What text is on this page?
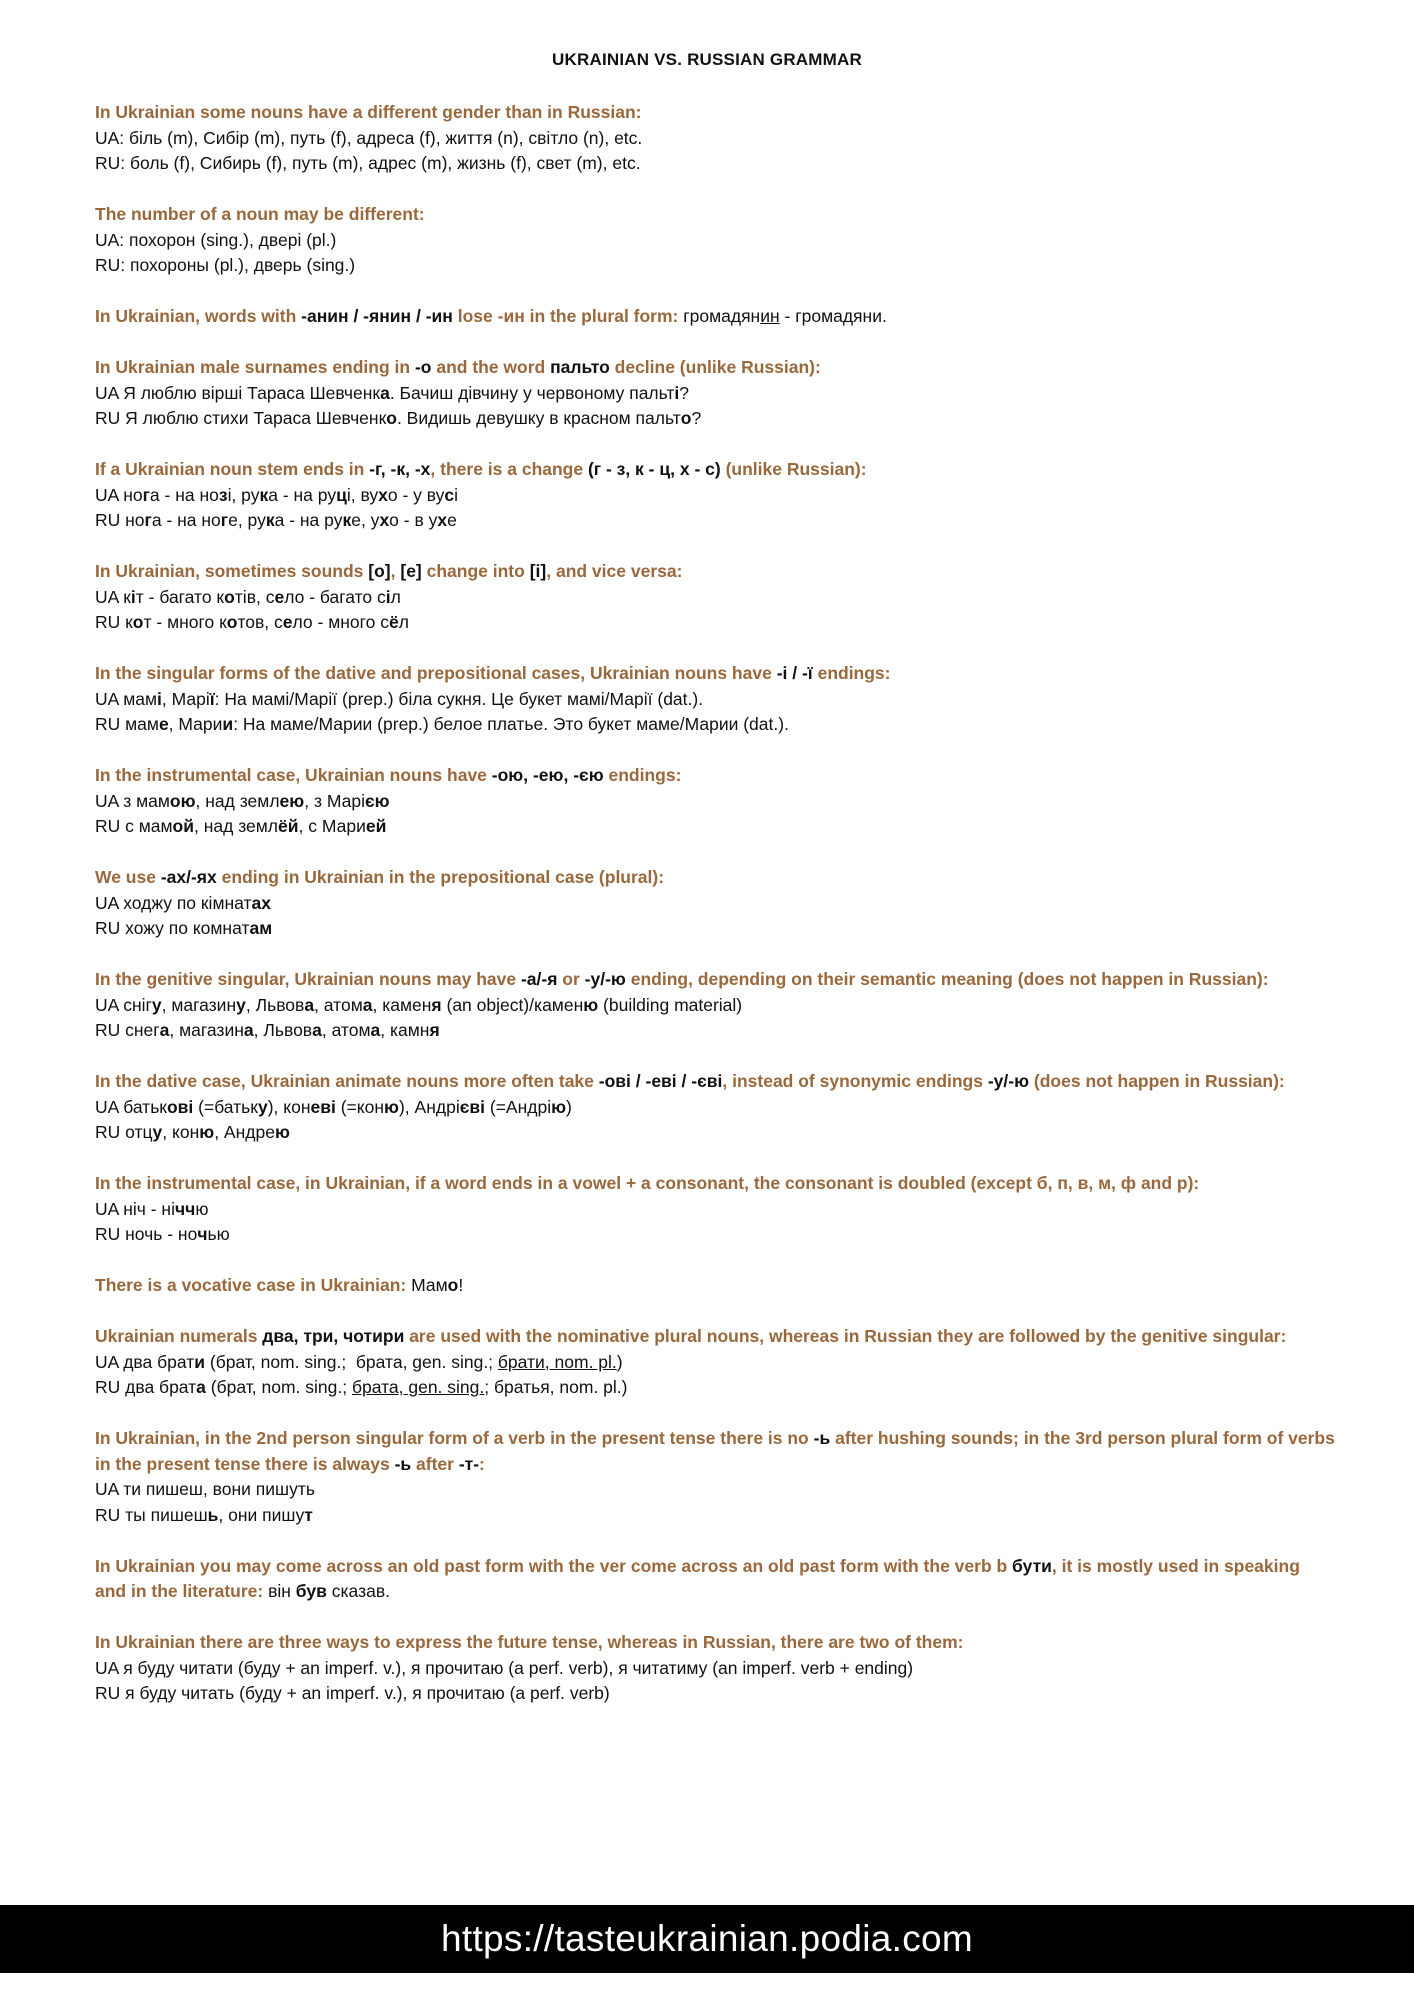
UKRAINIAN VS. RUSSIAN GRAMMAR
In Ukrainian some nouns have a different gender than in Russian:
UA: біль (m), Сибір (m), путь (f), адреса (f), життя (n), світло (n), etc.
RU: боль (f), Сибирь (f), путь (m), адрес (m), жизнь (f), свет (m), etc.
The number of a noun may be different:
UA: похорон (sing.), двері (pl.)
RU: похороны (pl.), дверь (sing.)
In Ukrainian, words with -анин / -янин / -ин lose -ин in the plural form: громадянин - громадяни.
In Ukrainian male surnames ending in -о and the word пальто decline (unlike Russian):
UA Я люблю вірші Тараса Шевченка. Бачиш дівчину у червоному пальті?
RU Я люблю стихи Тараса Шевченко. Видишь девушку в красном пальто?
If a Ukrainian noun stem ends in -г, -к, -х, there is a change (г - з, к - ц, х - с) (unlike Russian):
UA нога - на нозі, рука - на руці, вухо - у вусі
RU нога - на ноге, рука - на руке, ухо - в ухе
In Ukrainian, sometimes sounds [о], [е] change into [і], and vice versa:
UA кіт - багато котів, село - багато сіл
RU кот - много котов, село - много сёл
In the singular forms of the dative and prepositional cases, Ukrainian nouns have -і / -ї endings:
UA мамі, Марії: На мамі/Марії (prep.) біла сукня. Це букет мамі/Марії (dat.).
RU маме, Марии: На маме/Марии (prep.) белое платье. Это букет маме/Марии (dat.).
In the instrumental case, Ukrainian nouns have -ою, -ею, -єю endings:
UA з мамою, над землею, з Марією
RU с мамой, над землёй, с Марией
We use -ах/-ях ending in Ukrainian in the prepositional case (plural):
UA ходжу по кімнатах
RU хожу по комнатам
In the genitive singular, Ukrainian nouns may have -а/-я or -у/-ю ending, depending on their semantic meaning (does not happen in Russian):
UA снігу, магазину, Львова, атома, каменя (an object)/каменю (building material)
RU снега, магазина, Львова, атома, камня
In the dative case, Ukrainian animate nouns more often take -ові / -еві / -єві, instead of synonymic endings -у/-ю (does not happen in Russian):
UA батькові (=батьку), коневі (=коню), Андрієві (=Андрію)
RU отцу, коню, Андрею
In the instrumental case, in Ukrainian, if a word ends in a vowel + a consonant, the consonant is doubled (except б, п, в, м, ф and р):
UA ніч - ніччю
RU ночь - ночью
There is a vocative case in Ukrainian: Мамо!
Ukrainian numerals два, три, чотири are used with the nominative plural nouns, whereas in Russian they are followed by the genitive singular:
UA два брати (брат, nom. sing.;  брата, gen. sing.; брати, nom. pl.)
RU два брата (брат, nom. sing.; брата, gen. sing.; братья, nom. pl.)
In Ukrainian, in the 2nd person singular form of a verb in the present tense there is no -ь after hushing sounds; in the 3rd person plural form of verbs in the present tense there is always -ь after -т-:
UA ти пишеш, вони пишуть
RU ты пишешь, они пишут
In Ukrainian you may come across an old past form with the ver come across an old past form with the verb b бути, it is mostly used in speaking and in the literature: він був сказав.
In Ukrainian there are three ways to express the future tense, whereas in Russian, there are two of them:
UA я буду читати (буду + an imperf. v.), я прочитаю (a perf. verb), я читатиму (an imperf. verb + ending)
RU я буду читать (буду + an imperf. v.), я прочитаю (a perf. verb)
https://tasteukrainian.podia.com
